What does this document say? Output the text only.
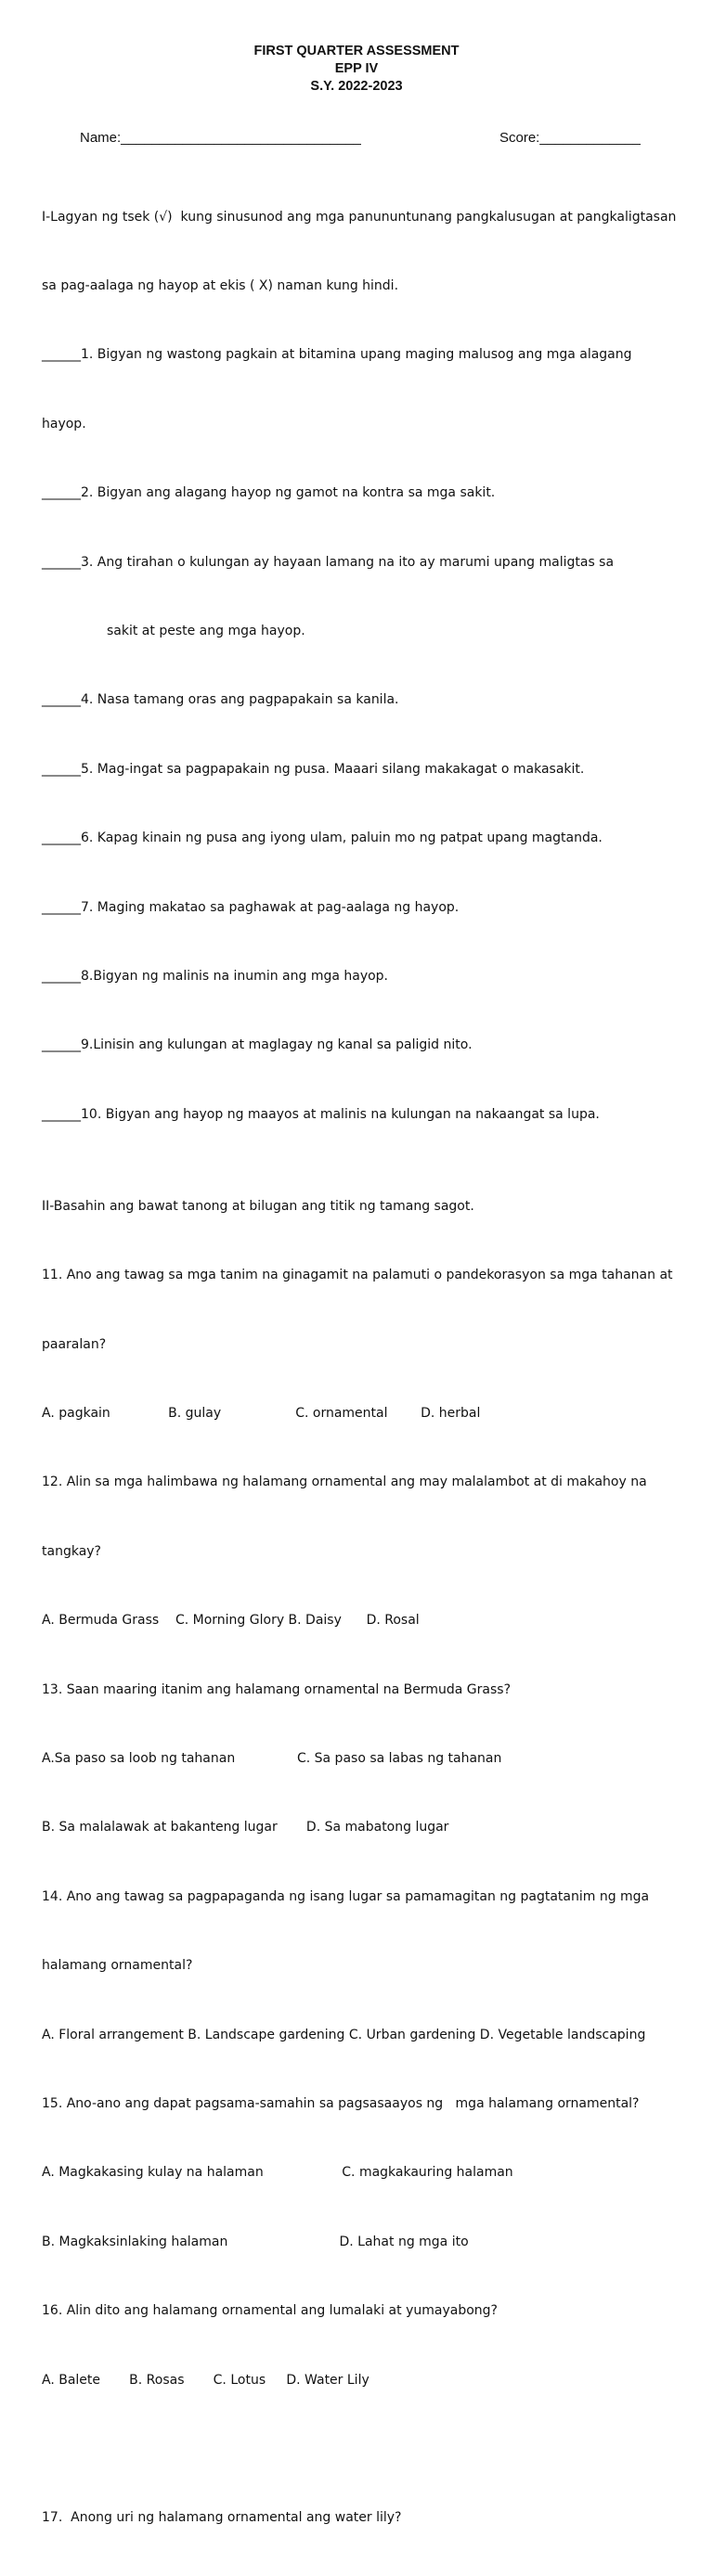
FIRST QUARTER ASSESSMENT
EPP IV
S.Y. 2022-2023
Name:_______________________________	Score:_____________

I-Lagyan ng tsek (√)  kung sinusunod ang mga panununtunang pangkalusugan at pangkaligtasan

sa pag-aalaga ng hayop at ekis ( X) naman kung hindi.

______1. Bigyan ng wastong pagkain at bitamina upang maging malusog ang mga alagang

hayop.

______2. Bigyan ang alagang hayop ng gamot na kontra sa mga sakit.

______3. Ang tirahan o kulungan ay hayaan lamang na ito ay marumi upang maligtas sa

sakit at peste ang mga hayop.

______4. Nasa tamang oras ang pagpapakain sa kanila.

______5. Mag-ingat sa pagpapakain ng pusa. Maaari silang makakagat o makasakit.

______6. Kapag kinain ng pusa ang iyong ulam, paluin mo ng patpat upang magtanda.

______7. Maging makatao sa paghawak at pag-aalaga ng hayop.

______8.Bigyan ng malinis na inumin ang mga hayop.

______9.Linisin ang kulungan at maglagay ng kanal sa paligid nito.

______10. Bigyan ang hayop ng maayos at malinis na kulungan na nakaangat sa lupa.

II-Basahin ang bawat tanong at bilugan ang titik ng tamang sagot.

11. Ano ang tawag sa mga tanim na ginagamit na palamuti o pandekorasyon sa mga tahanan at

paaralan?

A. pagkain              B. gulay                  C. ornamental        D. herbal

12. Alin sa mga halimbawa ng halamang ornamental ang may malalambot at di makahoy na

tangkay?

A. Bermuda Grass    C. Morning Glory B. Daisy      D. Rosal

13. Saan maaring itanim ang halamang ornamental na Bermuda Grass?

A.Sa paso sa loob ng tahanan               C. Sa paso sa labas ng tahanan

B. Sa malalawak at bakanteng lugar       D. Sa mabatong lugar

14. Ano ang tawag sa pagpapaganda ng isang lugar sa pamamagitan ng pagtatanim ng mga

halamang ornamental?

A. Floral arrangement B. Landscape gardening C. Urban gardening D. Vegetable landscaping

15. Ano-ano ang dapat pagsama-samahin sa pagsasaayos ng   mga halamang ornamental?

A. Magkakasing kulay na halaman                   C. magkakauring halaman

B. Magkaksinlaking halaman                           D. Lahat ng mga ito

16. Alin dito ang halamang ornamental ang lumalaki at yumayabong?

A. Balete       B. Rosas       C. Lotus     D. Water Lily

17.  Anong uri ng halamang ornamental ang water lily?
